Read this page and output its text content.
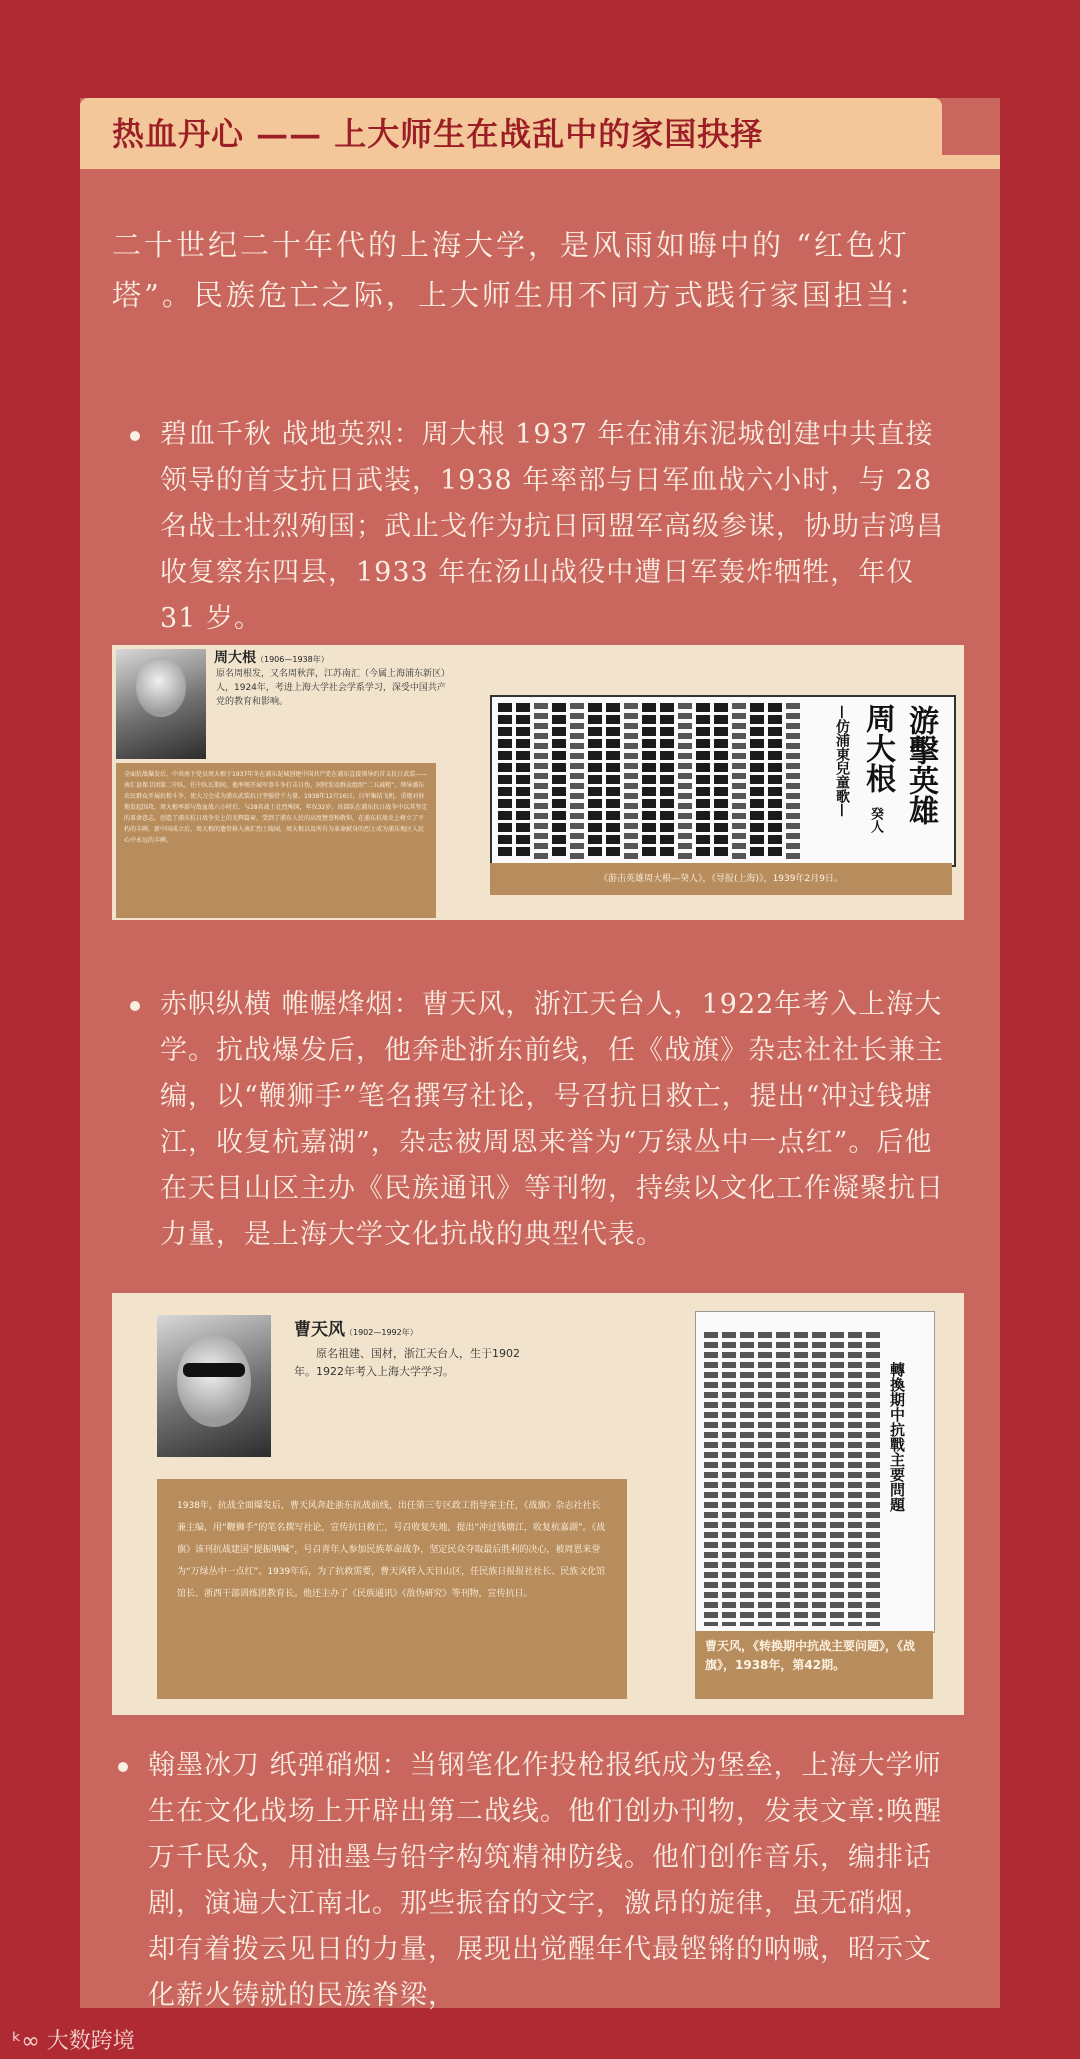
热血丹心 —— 上大师生在战乱中的家国抉择
二十世纪二十年代的上海大学，是风雨如晦中的 “红色灯塔”。民族危亡之际，上大师生用不同方式践行家国担当：
碧血千秋 战地英烈：周大根 1937 年在浦东泥城创建中共直接领导的首支抗日武装，1938 年率部与日军血战六小时，与 28 名战士壮烈殉国；武止戈作为抗日同盟军高级参谋，协助吉鸿昌收复察东四县，1933 年在汤山战役中遭日军轰炸牺牲，年仅 31 岁。
周大根（1906—1938年）
原名周根发，又名周秋萍，江苏南汇（今属上海浦东新区）人，1924年，考进上海大学社会学系学习，深受中国共产党的教育和影响。
全面抗战爆发后，中共南下党员周大根于1937年冬在浦东泥城创建中国共产党在浦东直接领导的首支抗日武装——南汇县保卫团第二中队。任中队长期间，他率领开展军事斗争打击日伪，同时发动群众组织“二五减租”，领导浦东农民群众开展抗租斗争，使大刀会成为浦东武装抗日坚强骨干力量。1938年12月16日，日军集结飞机、重炮对驻地发起围攻，周大根率部与敌血战六小时后，与28名战士壮烈殉国，年仅32岁。该部队在浦东抗日战争中以其坚定的革命意志，创造了浦东抗日战争史上的光辉篇章，受到了浦东人民的高度赞誉和敬仰，在浦东抗战史上树立了不朽的丰碑。新中国成立后，周大根的遗骨移入南汇烈士陵园，周大根以及所有为革命献身的烈士成为浦东地区人民心中永远的丰碑。
—仿浦東兒童歌— 周大根
癸人 游擊英雄
《游击英雄周大根—癸人》，《导报(上海)》，1939年2月9日。
赤帜纵横 帷幄烽烟：曹天风，浙江天台人，1922年考入上海大学。抗战爆发后，他奔赴浙东前线，任《战旗》杂志社社长兼主编，以“鞭狮手”笔名撰写社论，号召抗日救亡，提出“冲过钱塘江，收复杭嘉湖”，杂志被周恩来誉为“万绿丛中一点红”。后他在天目山区主办《民族通讯》等刊物，持续以文化工作凝聚抗日力量，是上海大学文化抗战的典型代表。
曹天风（1902—1992年）
原名祖建、国材，浙江天台人，生于1902年。1922年考入上海大学学习。
1938年，抗战全面爆发后，曹天风奔赴浙东抗战前线，出任第三专区政工指导室主任，《战旗》杂志社社长兼主编，用“鞭狮手”的笔名撰写社论，宣传抗日救亡，号召收复失地，提出“冲过钱塘江，收复杭嘉湖”。《战旗》该刊抗战建国“提振呐喊”，号召青年人参加民族革命战争，坚定民众夺取最后胜利的决心，被周恩来誉为“万绿丛中一点红”。1939年后，为了抗救需要，曹天风转入天目山区，任民族日报报社社长、民族文化馆馆长、浙西干部训练团教育长。他还主办了《民族通讯》《敌伪研究》等刊物，宣传抗日。
轉換期中抗戰主要問題
曹天风，《转换期中抗战主要问题》，《战旗》，1938年，第42期。
翰墨冰刀 纸弹硝烟：当钢笔化作投枪报纸成为堡垒，上海大学师生在文化战场上开辟出第二战线。他们创办刊物，发表文章:唤醒万千民众，用油墨与铅字构筑精神防线。他们创作音乐，编排话剧，演遍大江南北。那些振奋的文字，激昂的旋律，虽无硝烟，却有着拨云见日的力量，展现出觉醒年代最铿锵的呐喊，昭示文化薪火铸就的民族脊梁，
ᵏ∞ 大数跨境
